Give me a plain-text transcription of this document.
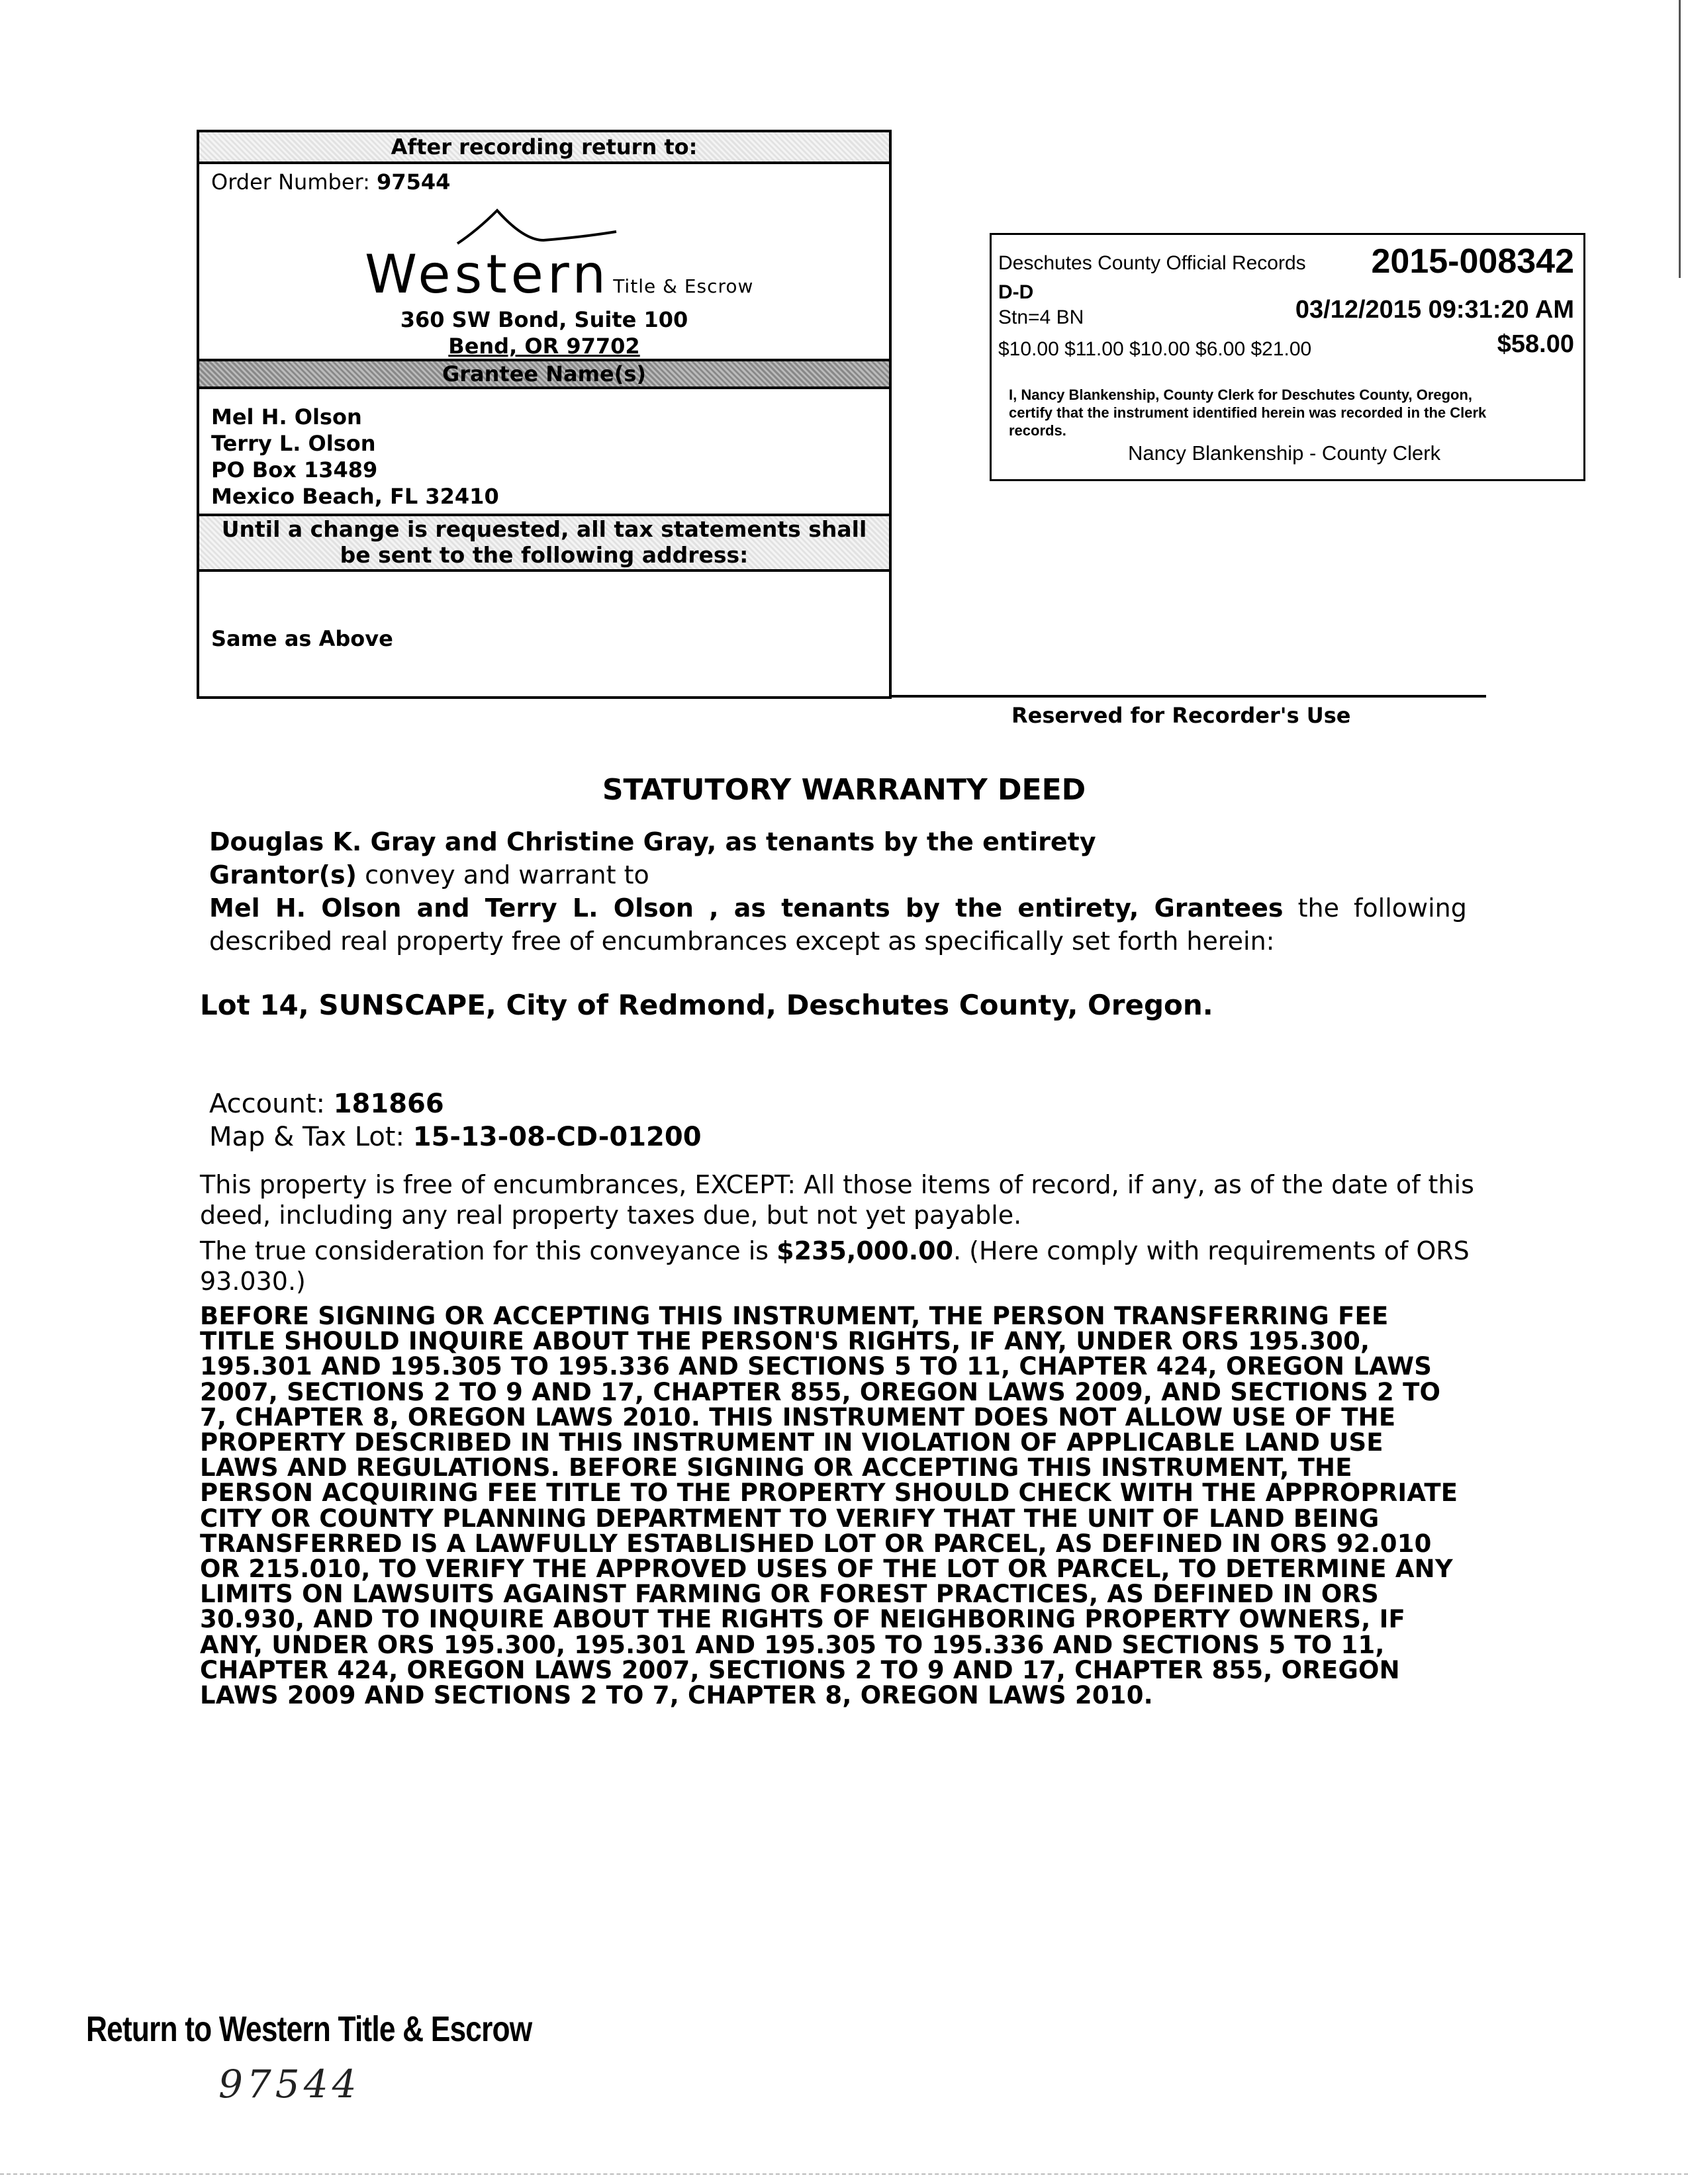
After recording return to:
Order Number: 97544
Western Title & Escrow
360 SW Bond, Suite 100
Bend, OR 97702
Grantee Name(s)
Mel H. Olson
Terry L. Olson
PO Box 13489
Mexico Beach, FL 32410
Until a change is requested, all tax statements shall
be sent to the following address:
Same as Above
Reserved for Recorder's Use
Deschutes County Official Records 2015-008342
D-D
Stn=4 BN	03/12/2015 09:31:20 AM
$10.00 $11.00 $10.00 $6.00 $21.00	$58.00
I, Nancy Blankenship, County Clerk for Deschutes County, Oregon,
certify that the instrument identified herein was recorded in the Clerk
records.
Nancy Blankenship - County Clerk
STATUTORY WARRANTY DEED
Douglas K. Gray and Christine Gray, as tenants by the entirety
Grantor(s) convey and warrant to
Mel H. Olson and Terry L. Olson , as tenants by the entirety, Grantees the following
described real property free of encumbrances except as specifically set forth herein:
Lot 14, SUNSCAPE, City of Redmond, Deschutes County, Oregon.
Account: 181866
Map & Tax Lot: 15-13-08-CD-01200
This property is free of encumbrances, EXCEPT: All those items of record, if any, as of the date of this
deed, including any real property taxes due, but not yet payable.
The true consideration for this conveyance is $235,000.00. (Here comply with requirements of ORS
93.030.)
BEFORE SIGNING OR ACCEPTING THIS INSTRUMENT, THE PERSON TRANSFERRING FEE
TITLE SHOULD INQUIRE ABOUT THE PERSON'S RIGHTS, IF ANY, UNDER ORS 195.300,
195.301 AND 195.305 TO 195.336 AND SECTIONS 5 TO 11, CHAPTER 424, OREGON LAWS
2007, SECTIONS 2 TO 9 AND 17, CHAPTER 855, OREGON LAWS 2009, AND SECTIONS 2 TO
7, CHAPTER 8, OREGON LAWS 2010. THIS INSTRUMENT DOES NOT ALLOW USE OF THE
PROPERTY DESCRIBED IN THIS INSTRUMENT IN VIOLATION OF APPLICABLE LAND USE
LAWS AND REGULATIONS. BEFORE SIGNING OR ACCEPTING THIS INSTRUMENT, THE
PERSON ACQUIRING FEE TITLE TO THE PROPERTY SHOULD CHECK WITH THE APPROPRIATE
CITY OR COUNTY PLANNING DEPARTMENT TO VERIFY THAT THE UNIT OF LAND BEING
TRANSFERRED IS A LAWFULLY ESTABLISHED LOT OR PARCEL, AS DEFINED IN ORS 92.010
OR 215.010, TO VERIFY THE APPROVED USES OF THE LOT OR PARCEL, TO DETERMINE ANY
LIMITS ON LAWSUITS AGAINST FARMING OR FOREST PRACTICES, AS DEFINED IN ORS
30.930, AND TO INQUIRE ABOUT THE RIGHTS OF NEIGHBORING PROPERTY OWNERS, IF
ANY, UNDER ORS 195.300, 195.301 AND 195.305 TO 195.336 AND SECTIONS 5 TO 11,
CHAPTER 424, OREGON LAWS 2007, SECTIONS 2 TO 9 AND 17, CHAPTER 855, OREGON
LAWS 2009 AND SECTIONS 2 TO 7, CHAPTER 8, OREGON LAWS 2010.
Return to Western Title & Escrow
97544
